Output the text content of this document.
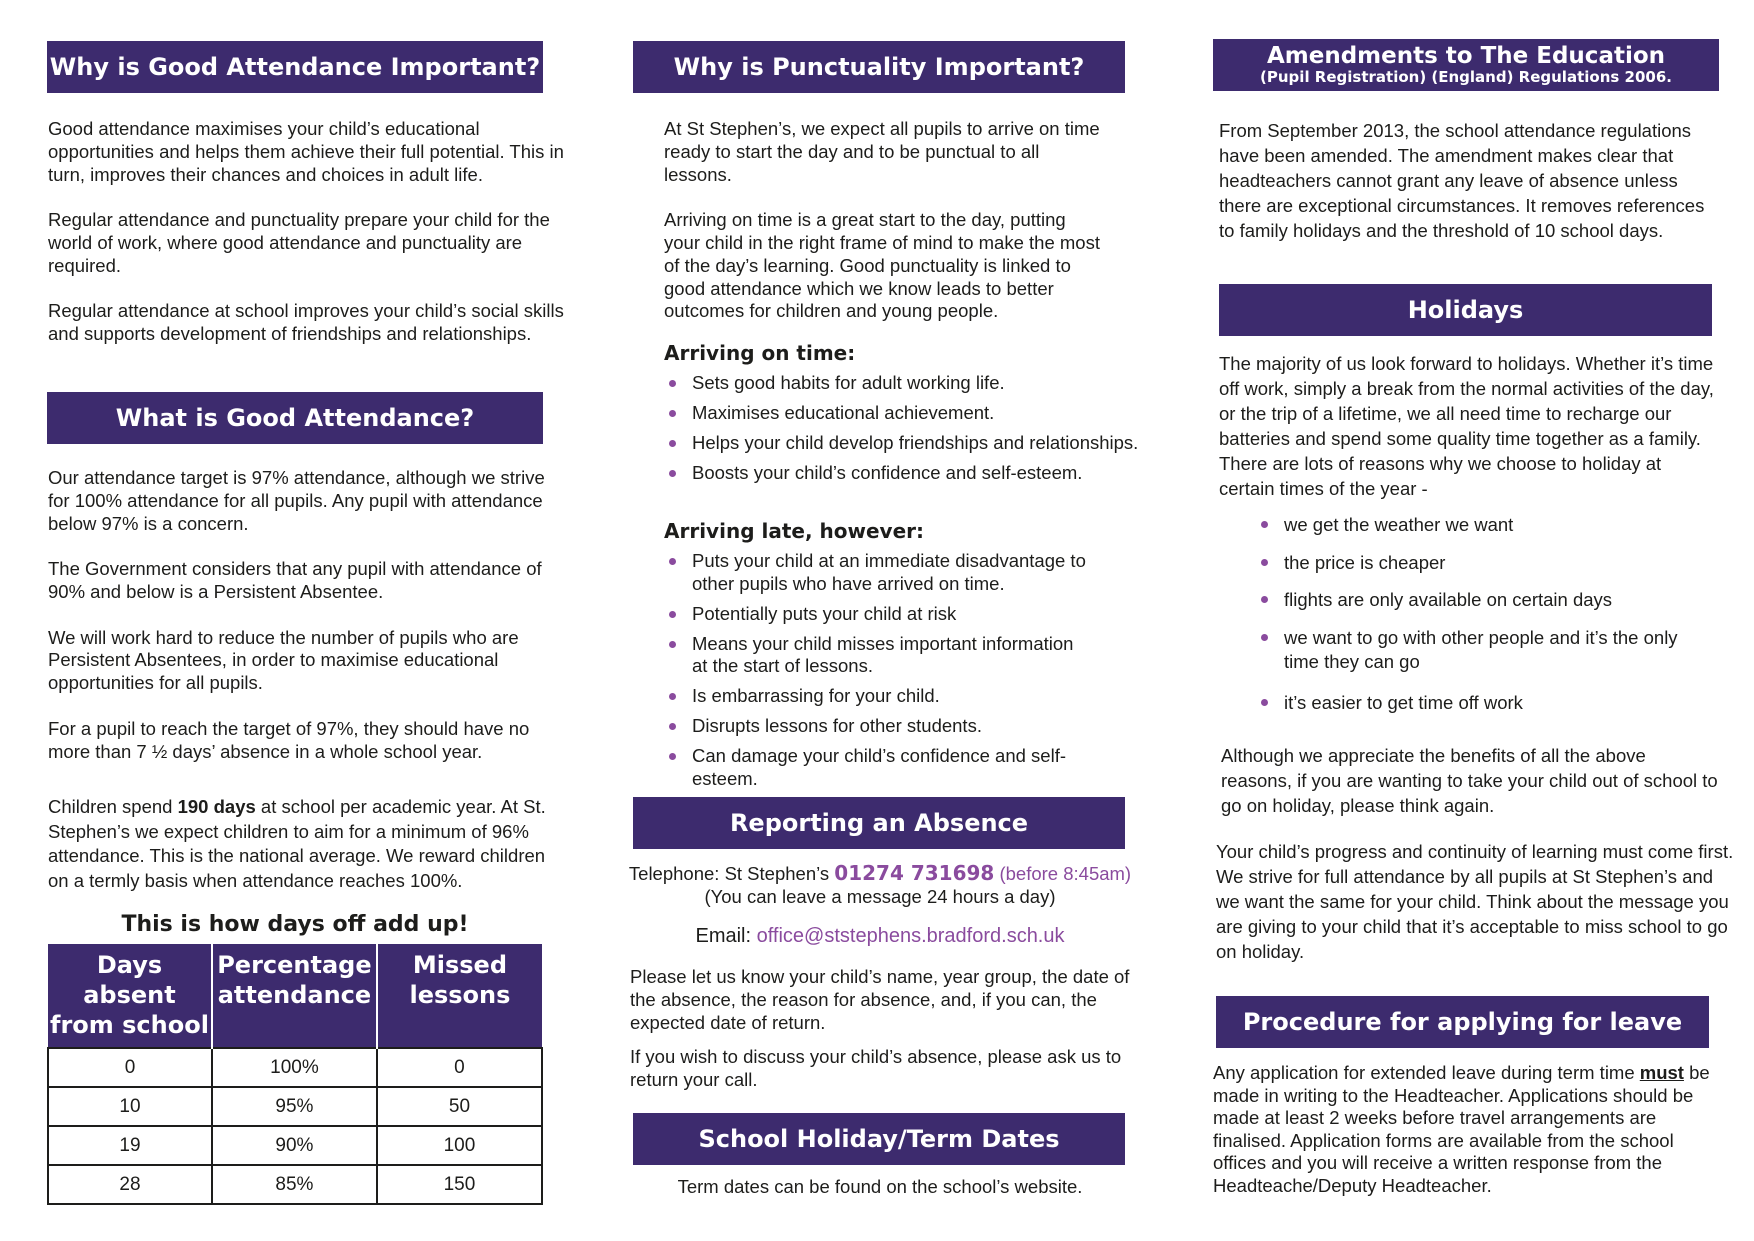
Why is Good Attendance Important?

Good attendance maximises your child’s educational opportunities and helps them achieve their full potential. This in turn, improves their chances and choices in adult life.

Regular attendance and punctuality prepare your child for the world of work, where good attendance and punctuality are required.

Regular attendance at school improves your child’s social skills and supports development of friendships and relationships.

What is Good Attendance?

Our attendance target is 97% attendance, although we strive for 100% attendance for all pupils. Any pupil with attendance below 97% is a concern.

The Government considers that any pupil with attendance of 90% and below is a Persistent Absentee.

We will work hard to reduce the number of pupils who are Persistent Absentees, in order to maximise educational opportunities for all pupils.

For a pupil to reach the target of 97%, they should have no more than 7 ½ days’ absence in a whole school year.

Children spend 190 days at school per academic year. At St. Stephen’s we expect children to aim for a minimum of 96% attendance. This is the national average. We reward children on a termly basis when attendance reaches 100%.
This is how days off add up!
Days absent from school	Percentage attendance	Missed lessons
0	100%	0
10	95%	50
19	90%	100
28	85%	150
Why is Punctuality Important?

At St Stephen’s, we expect all pupils to arrive on time ready to start the day and to be punctual to all lessons.

Arriving on time is a great start to the day, putting your child in the right frame of mind to make the most of the day’s learning. Good punctuality is linked to good attendance which we know leads to better outcomes for children and young people.

Arriving on time:
Sets good habits for adult working life.
Maximises educational achievement.
Helps your child develop friendships and relationships.
Boosts your child’s confidence and self-esteem.
Arriving late, however:
Puts your child at an immediate disadvantage to other pupils who have arrived on time.
Potentially puts your child at risk
Means your child misses important information at the start of lessons.
Is embarrassing for your child.
Disrupts lessons for other students.
Can damage your child’s confidence and self-esteem.
Reporting an Absence
Telephone: St Stephen’s 01274 731698 (before 8:45am)
(You can leave a message 24 hours a day)
Email: office@ststephens.bradford.sch.uk

Please let us know your child’s name, year group, the date of the absence, the reason for absence, and, if you can, the expected date of return.

If you wish to discuss your child’s absence, please ask us to return your call.

School Holiday/Term Dates
Term dates can be found on the school’s website.
Amendments to The Education
(Pupil Registration) (England) Regulations 2006.
From September 2013, the school attendance regulations have been amended. The amendment makes clear that headteachers cannot grant any leave of absence unless there are exceptional circumstances. It removes references to family holidays and the threshold of 10 school days.
Holidays
The majority of us look forward to holidays. Whether it’s time off work, simply a break from the normal activities of the day, or the trip of a lifetime, we all need time to recharge our batteries and spend some quality time together as a family. There are lots of reasons why we choose to holiday at certain times of the year -
we get the weather we want
the price is cheaper
flights are only available on certain days
we want to go with other people and it’s the only time they can go
it’s easier to get time off work
Although we appreciate the benefits of all the above reasons, if you are wanting to take your child out of school to go on holiday, please think again.
Your child’s progress and continuity of learning must come first. We strive for full attendance by all pupils at St Stephen’s and we want the same for your child. Think about the message you are giving to your child that it’s acceptable to miss school to go on holiday.
Procedure for applying for leave
Any application for extended leave during term time must be made in writing to the Headteacher. Applications should be made at least 2 weeks before travel arrangements are finalised. Application forms are available from the school offices and you will receive a written response from the Headteache/Deputy Headteacher.
